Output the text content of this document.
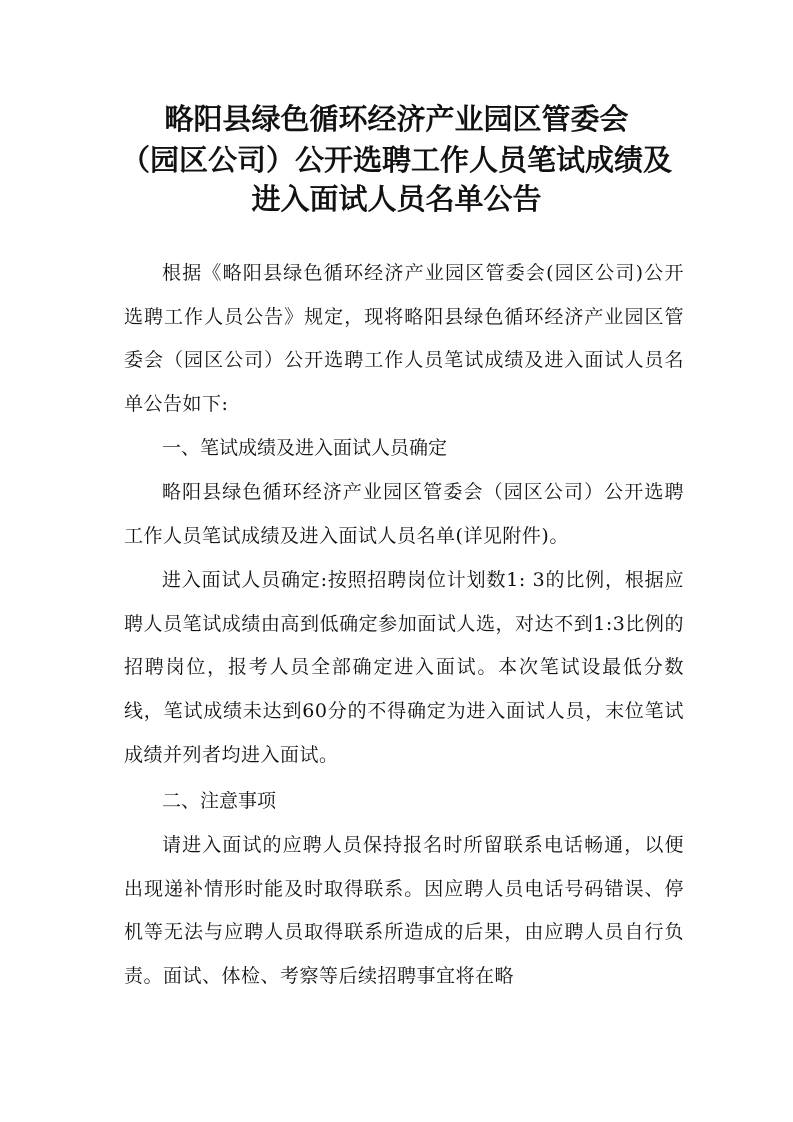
略阳县绿色循环经济产业园区管委会
（园区公司）公开选聘工作人员笔试成绩及
进入面试人员名单公告
根据《略阳县绿色循环经济产业园区管委会(园区公司)公开选聘工作人员公告》规定，现将略阳县绿色循环经济产业园区管委会（园区公司）公开选聘工作人员笔试成绩及进入面试人员名单公告如下:
一、笔试成绩及进入面试人员确定
略阳县绿色循环经济产业园区管委会（园区公司）公开选聘工作人员笔试成绩及进入面试人员名单(详见附件)。
进入面试人员确定:按照招聘岗位计划数1: 3的比例，根据应聘人员笔试成绩由高到低确定参加面试人选，对达不到1:3比例的招聘岗位，报考人员全部确定进入面试。本次笔试设最低分数线，笔试成绩未达到60分的不得确定为进入面试人员，末位笔试成绩并列者均进入面试。
二、注意事项
请进入面试的应聘人员保持报名时所留联系电话畅通，以便出现递补情形时能及时取得联系。因应聘人员电话号码错误、停机等无法与应聘人员取得联系所造成的后果，由应聘人员自行负责。面试、体检、考察等后续招聘事宜将在略
